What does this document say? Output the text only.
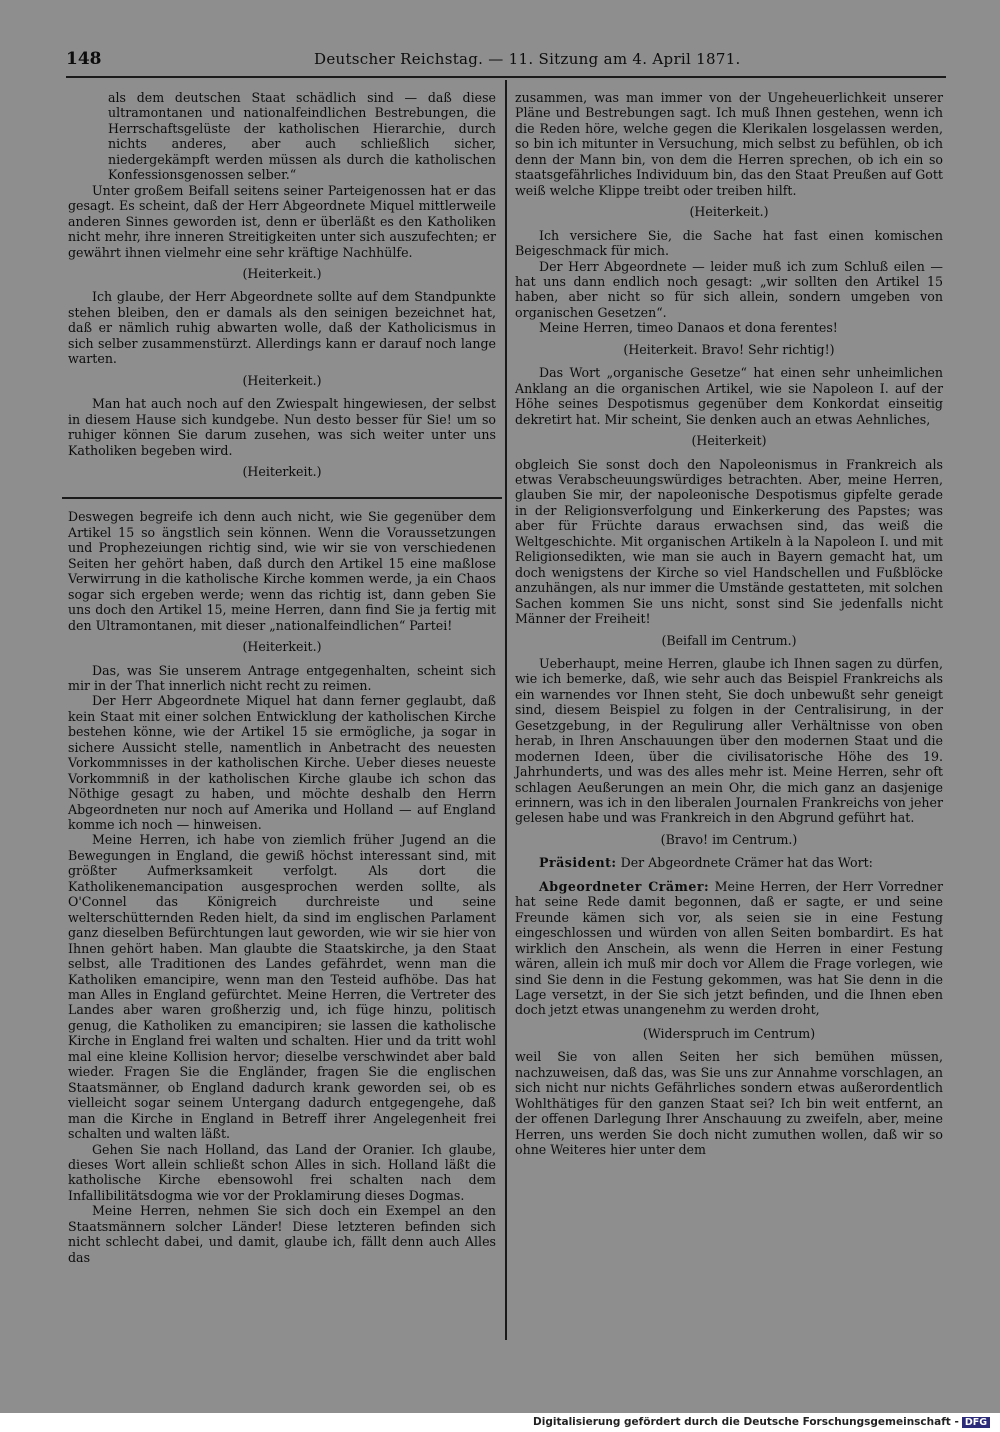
148	Deutscher Reichstag. — 11. Sitzung am 4. April 1871.

als dem deutschen Staat schädlich sind — daß diese ultramontanen und nationalfeindlichen Bestrebungen, die Herrschaftsgelüste der katholischen Hierarchie, durch nichts anderes, aber auch schließlich sicher, niedergekämpft werden müssen als durch die katholischen Konfessionsgenossen selber.“

Unter großem Beifall seitens seiner Parteigenossen hat er das gesagt. Es scheint, daß der Herr Abgeordnete Miquel mittlerweile anderen Sinnes geworden ist, denn er überläßt es den Katholiken nicht mehr, ihre inneren Streitigkeiten unter sich auszufechten; er gewährt ihnen vielmehr eine sehr kräftige Nachhülfe.

(Heiterkeit.)

Ich glaube, der Herr Abgeordnete sollte auf dem Standpunkte stehen bleiben, den er damals als den seinigen bezeichnet hat, daß er nämlich ruhig abwarten wolle, daß der Katholicismus in sich selber zusammenstürzt. Allerdings kann er darauf noch lange warten.

(Heiterkeit.)

Man hat auch noch auf den Zwiespalt hingewiesen, der selbst in diesem Hause sich kundgebe. Nun desto besser für Sie! um so ruhiger können Sie darum zusehen, was sich weiter unter uns Katholiken begeben wird.

(Heiterkeit.)

Deswegen begreife ich denn auch nicht, wie Sie gegenüber dem Artikel 15 so ängstlich sein können. Wenn die Voraussetzungen und Prophezeiungen richtig sind, wie wir sie von verschiedenen Seiten her gehört haben, daß durch den Artikel 15 eine maßlose Verwirrung in die katholische Kirche kommen werde, ja ein Chaos sogar sich ergeben werde; wenn das richtig ist, dann geben Sie uns doch den Artikel 15, meine Herren, dann find Sie ja fertig mit den Ultramontanen, mit dieser „nationalfeindlichen“ Partei!

(Heiterkeit.)

Das, was Sie unserem Antrage entgegenhalten, scheint sich mir in der That innerlich nicht recht zu reimen.

Der Herr Abgeordnete Miquel hat dann ferner geglaubt, daß kein Staat mit einer solchen Entwicklung der katholischen Kirche bestehen könne, wie der Artikel 15 sie ermögliche, ja sogar in sichere Aussicht stelle, namentlich in Anbetracht des neuesten Vorkommnisses in der katholischen Kirche. Ueber dieses neueste Vorkommniß in der katholischen Kirche glaube ich schon das Nöthige gesagt zu haben, und möchte deshalb den Herrn Abgeordneten nur noch auf Amerika und Holland — auf England komme ich noch — hinweisen.

Meine Herren, ich habe von ziemlich früher Jugend an die Bewegungen in England, die gewiß höchst interessant sind, mit größter Aufmerksamkeit verfolgt. Als dort die Katholikenemancipation ausgesprochen werden sollte, als O'Connel das Königreich durchreiste und seine welterschütternden Reden hielt, da sind im englischen Parlament ganz dieselben Befürchtungen laut geworden, wie wir sie hier von Ihnen gehört haben. Man glaubte die Staatskirche, ja den Staat selbst, alle Traditionen des Landes gefährdet, wenn man die Katholiken emancipire, wenn man den Testeid aufhöbe. Das hat man Alles in England gefürchtet. Meine Herren, die Vertreter des Landes aber waren großherzig und, ich füge hinzu, politisch genug, die Katholiken zu emancipiren; sie lassen die katholische Kirche in England frei walten und schalten. Hier und da tritt wohl mal eine kleine Kollision hervor; dieselbe verschwindet aber bald wieder. Fragen Sie die Engländer, fragen Sie die englischen Staatsmänner, ob England dadurch krank geworden sei, ob es vielleicht sogar seinem Untergang dadurch entgegengehe, daß man die Kirche in England in Betreff ihrer Angelegenheit frei schalten und walten läßt.

Gehen Sie nach Holland, das Land der Oranier. Ich glaube, dieses Wort allein schließt schon Alles in sich. Holland läßt die katholische Kirche ebensowohl frei schalten nach dem Infallibilitätsdogma wie vor der Proklamirung dieses Dogmas.

Meine Herren, nehmen Sie sich doch ein Exempel an den Staatsmännern solcher Länder! Diese letzteren befinden sich nicht schlecht dabei, und damit, glaube ich, fällt denn auch Alles das

zusammen, was man immer von der Ungeheuerlichkeit unserer Pläne und Bestrebungen sagt. Ich muß Ihnen gestehen, wenn ich die Reden höre, welche gegen die Klerikalen losgelassen werden, so bin ich mitunter in Versuchung, mich selbst zu befühlen, ob ich denn der Mann bin, von dem die Herren sprechen, ob ich ein so staatsgefährliches Individuum bin, das den Staat Preußen auf Gott weiß welche Klippe treibt oder treiben hilft.

(Heiterkeit.)

Ich versichere Sie, die Sache hat fast einen komischen Beigeschmack für mich.

Der Herr Abgeordnete — leider muß ich zum Schluß eilen — hat uns dann endlich noch gesagt: „wir sollten den Artikel 15 haben, aber nicht so für sich allein, sondern umgeben von organischen Gesetzen“.

Meine Herren, timeo Danaos et dona ferentes!

(Heiterkeit. Bravo! Sehr richtig!)

Das Wort „organische Gesetze“ hat einen sehr unheimlichen Anklang an die organischen Artikel, wie sie Napoleon I. auf der Höhe seines Despotismus gegenüber dem Konkordat einseitig dekretirt hat. Mir scheint, Sie denken auch an etwas Aehnliches,

(Heiterkeit)

obgleich Sie sonst doch den Napoleonismus in Frankreich als etwas Verabscheuungswürdiges betrachten. Aber, meine Herren, glauben Sie mir, der napoleonische Despotismus gipfelte gerade in der Religionsverfolgung und Einkerkerung des Papstes; was aber für Früchte daraus erwachsen sind, das weiß die Weltgeschichte. Mit organischen Artikeln à la Napoleon I. und mit Religionsedikten, wie man sie auch in Bayern gemacht hat, um doch wenigstens der Kirche so viel Handschellen und Fußblöcke anzuhängen, als nur immer die Umstände gestatteten, mit solchen Sachen kommen Sie uns nicht, sonst sind Sie jedenfalls nicht Männer der Freiheit!

(Beifall im Centrum.)

Ueberhaupt, meine Herren, glaube ich Ihnen sagen zu dürfen, wie ich bemerke, daß, wie sehr auch das Beispiel Frankreichs als ein warnendes vor Ihnen steht, Sie doch unbewußt sehr geneigt sind, diesem Beispiel zu folgen in der Centralisirung, in der Gesetzgebung, in der Regulirung aller Verhältnisse von oben herab, in Ihren Anschauungen über den modernen Staat und die modernen Ideen, über die civilisatorische Höhe des 19. Jahrhunderts, und was des alles mehr ist. Meine Herren, sehr oft schlagen Aeußerungen an mein Ohr, die mich ganz an dasjenige erinnern, was ich in den liberalen Journalen Frankreichs von jeher gelesen habe und was Frankreich in den Abgrund geführt hat.

(Bravo! im Centrum.)

Präsident: Der Abgeordnete Crämer hat das Wort:

Abgeordneter Crämer: Meine Herren, der Herr Vorredner hat seine Rede damit begonnen, daß er sagte, er und seine Freunde kämen sich vor, als seien sie in eine Festung eingeschlossen und würden von allen Seiten bombardirt. Es hat wirklich den Anschein, als wenn die Herren in einer Festung wären, allein ich muß mir doch vor Allem die Frage vorlegen, wie sind Sie denn in die Festung gekommen, was hat Sie denn in die Lage versetzt, in der Sie sich jetzt befinden, und die Ihnen eben doch jetzt etwas unangenehm zu werden droht,

(Widerspruch im Centrum)

weil Sie von allen Seiten her sich bemühen müssen, nachzuweisen, daß das, was Sie uns zur Annahme vorschlagen, an sich nicht nur nichts Gefährliches sondern etwas außerordentlich Wohlthätiges für den ganzen Staat sei? Ich bin weit entfernt, an der offenen Darlegung Ihrer Anschauung zu zweifeln, aber, meine Herren, uns werden Sie doch nicht zumuthen wollen, daß wir so ohne Weiteres hier unter dem

Digitalisierung gefördert durch die Deutsche Forschungsgemeinschaft - DFG
